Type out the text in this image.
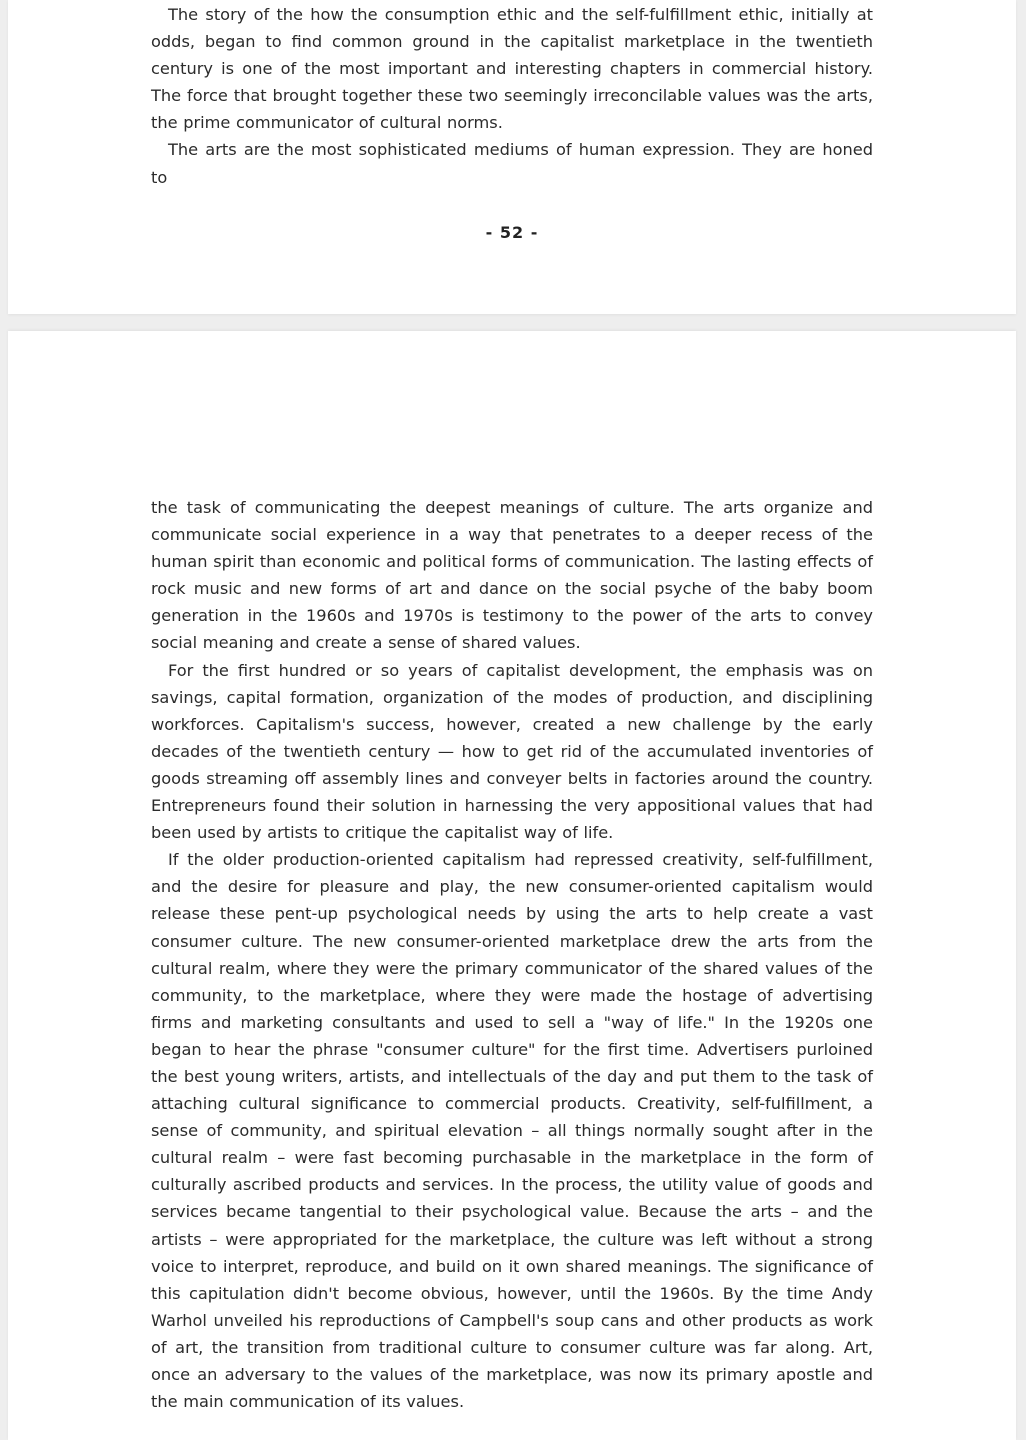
The story of the how the consumption ethic and the self-fulfillment ethic, initially at odds, began to find common ground in the capitalist marketplace in the twentieth century is one of the most important and interesting chapters in commercial history. The force that brought together these two seemingly irreconcilable values was the arts, the prime communicator of cultural norms.

The arts are the most sophisticated mediums of human expression. They are honed to

- 52 -

the task of communicating the deepest meanings of culture. The arts organize and communicate social experience in a way that penetrates to a deeper recess of the human spirit than economic and political forms of communication. The lasting effects of rock music and new forms of art and dance on the social psyche of the baby boom generation in the 1960s and 1970s is testimony to the power of the arts to convey social meaning and create a sense of shared values.

For the first hundred or so years of capitalist development, the emphasis was on savings, capital formation, organization of the modes of production, and disciplining workforces. Capitalism's success, however, created a new challenge by the early decades of the twentieth century — how to get rid of the accumulated inventories of goods streaming off assembly lines and conveyer belts in factories around the country. Entrepreneurs found their solution in harnessing the very appositional values that had been used by artists to critique the capitalist way of life.

If the older production-oriented capitalism had repressed creativity, self-fulfillment, and the desire for pleasure and play, the new consumer-oriented capitalism would release these pent-up psychological needs by using the arts to help create a vast consumer culture. The new consumer-oriented marketplace drew the arts from the cultural realm, where they were the primary communicator of the shared values of the community, to the marketplace, where they were made the hostage of advertising firms and marketing consultants and used to sell a "way of life." In the 1920s one began to hear the phrase "consumer culture" for the first time. Advertisers purloined the best young writers, artists, and intellectuals of the day and put them to the task of attaching cultural significance to commercial products. Creativity, self-fulfillment, a sense of community, and spiritual elevation – all things normally sought after in the cultural realm – were fast becoming purchasable in the marketplace in the form of culturally ascribed products and services. In the process, the utility value of goods and services became tangential to their psychological value. Because the arts – and the artists – were appropriated for the marketplace, the culture was left without a strong voice to interpret, reproduce, and build on it own shared meanings. The significance of this capitulation didn't become obvious, however, until the 1960s. By the time Andy Warhol unveiled his reproductions of Campbell's soup cans and other products as work of art, the transition from traditional culture to consumer culture was far along. Art, once an adversary to the values of the marketplace, was now its primary apostle and the main communication of its values.
